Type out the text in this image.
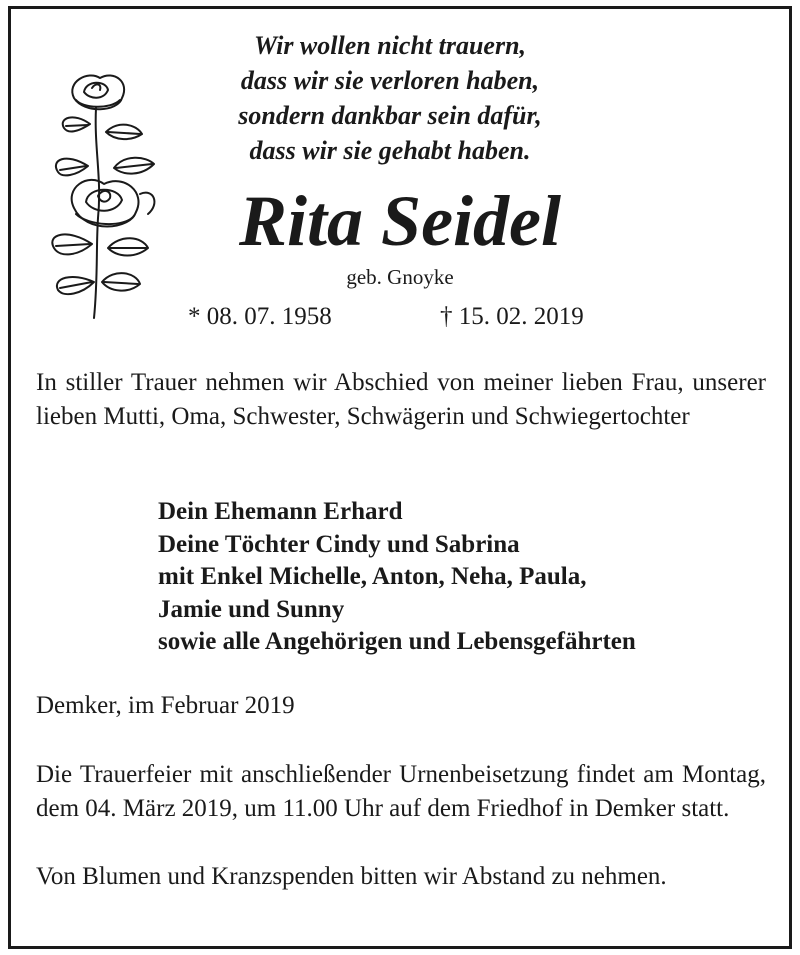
Wir wollen nicht trauern,
dass wir sie verloren haben,
sondern dankbar sein dafür,
dass wir sie gehabt haben.
Rita Seidel
geb. Gnoyke
* 08. 07. 1958	† 15. 02. 2019
In stiller Trauer nehmen wir Abschied von meiner lieben Frau, unserer lieben Mutti, Oma, Schwester, Schwägerin und Schwiegertochter
Dein Ehemann Erhard
Deine Töchter Cindy und Sabrina
mit Enkel Michelle, Anton, Neha, Paula,
Jamie und Sunny
sowie alle Angehörigen und Lebensgefährten
Demker, im Februar 2019
Die Trauerfeier mit anschließender Urnenbeisetzung findet am Montag, dem 04. März 2019, um 11.00 Uhr auf dem Friedhof in Demker statt.
Von Blumen und Kranzspenden bitten wir Abstand zu nehmen.
